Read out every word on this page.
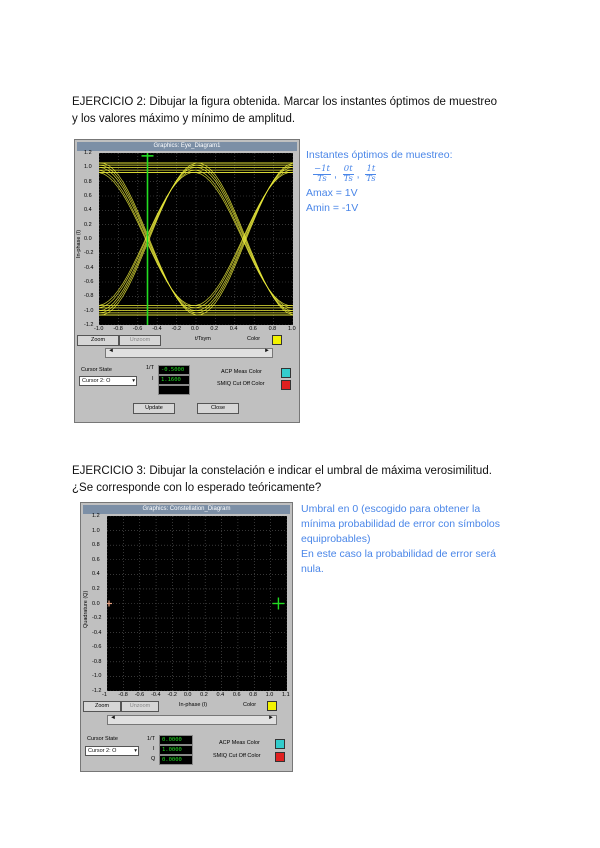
EJERCICIO 2: Dibujar la figura obtenida. Marcar los instantes óptimos de muestreo
y los valores máximo y mínimo de amplitud.
Instantes óptimos de muestreo:
$\frac{-1t}{Ts}$ , $\frac{0t}{Ts}$ , $\frac{1t}{Ts}$
Amax = 1V
Amin = -1V
Graphics: Eye_Diagram1
In-phase (I)
1.2
1.0
0.8
0.6
0.4
0.2
0.0
-0.2
-0.4
-0.6
-0.8
-1.0
-1.2
-1.0 -0.8 -0.6 -0.4 -0.2 0.0 0.2 0.4 0.6 0.8 1.0
Zoom	Unzoom	t/Tsym	Color
◄	►
Cursor State
Cursor 2: O	▾
1/T
I
-0.5000
1.1600
ACP Meas Color
SMIQ Cut Off Color
Update	Close
EJERCICIO 3: Dibujar la constelación e indicar el umbral de máxima verosimilitud.
¿Se corresponde con lo esperado teóricamente?
Umbral en 0 (escogido para obtener la
mínima probabilidad de error con símbolos
equiprobables)
En este caso la probabilidad de error será
nula.
Graphics: Constellation_Diagram
Quadrature (Q)
1.2
1.0
0.8
0.6
0.4
0.2
0.0
-0.2
-0.4
-0.6
-0.8
-1.0
-1.2
-1 -0.8 -0.6 -0.4 -0.2 0.0 0.2 0.4 0.6 0.8 1.0 1.1
Zoom	Unzoom	In-phase (I)	Color
◄	►
Cursor State
Cursor 2: O	▾
1/T
I
Q
0.0000
1.0000
0.0000
ACP Meas Color
SMIQ Cut Off Color
